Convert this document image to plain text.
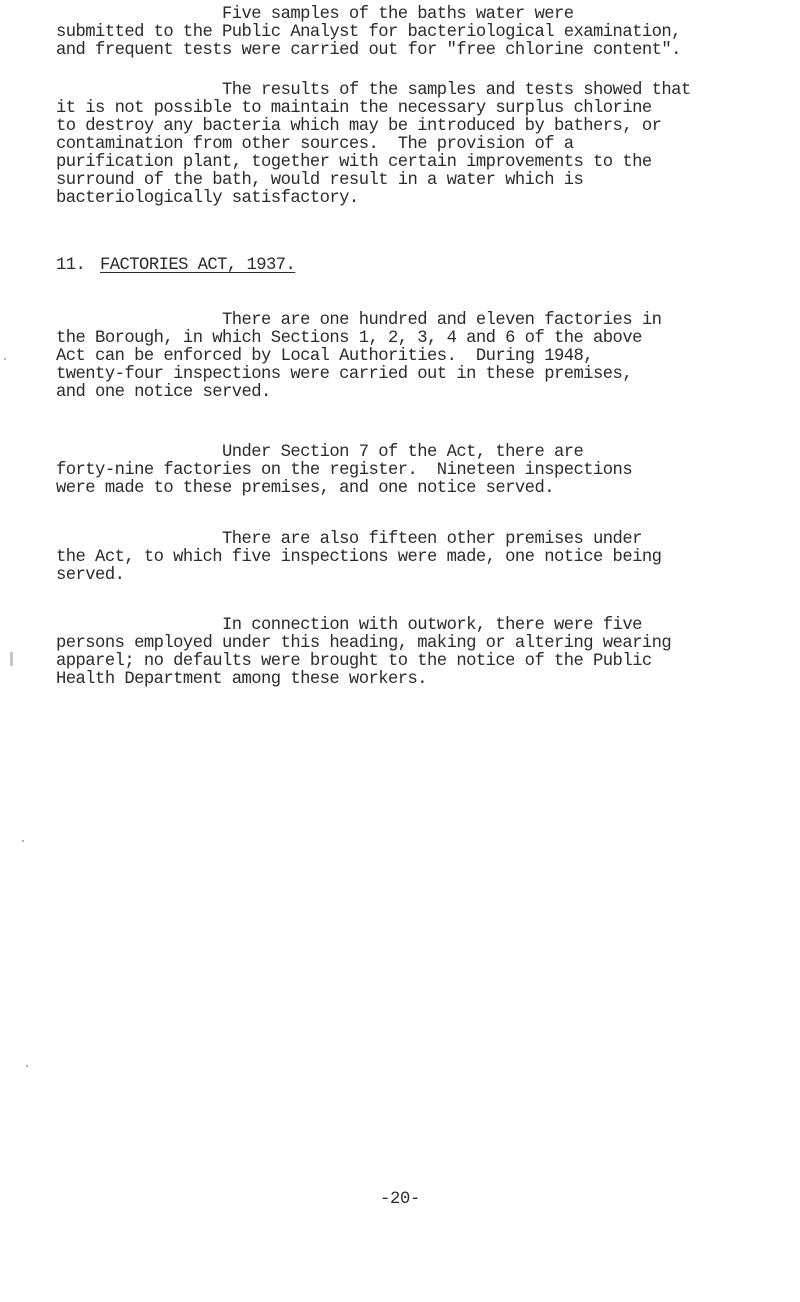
Five samples of the baths water were
submitted to the Public Analyst for bacteriological examination,
and frequent tests were carried out for "free chlorine content".
The results of the samples and tests showed that
it is not possible to maintain the necessary surplus chlorine
to destroy any bacteria which may be introduced by bathers, or
contamination from other sources.  The provision of a
purification plant, together with certain improvements to the
surround of the bath, would result in a water which is
bacteriologically satisfactory.
11. FACTORIES ACT, 1937.
There are one hundred and eleven factories in
the Borough, in which Sections 1, 2, 3, 4 and 6 of the above
Act can be enforced by Local Authorities.  During 1948,
twenty-four inspections were carried out in these premises,
and one notice served.
Under Section 7 of the Act, there are
forty-nine factories on the register.  Nineteen inspections
were made to these premises, and one notice served.
There are also fifteen other premises under
the Act, to which five inspections were made, one notice being
served.
In connection with outwork, there were five
persons employed under this heading, making or altering wearing
apparel; no defaults were brought to the notice of the Public
Health Department among these workers.
-20-
